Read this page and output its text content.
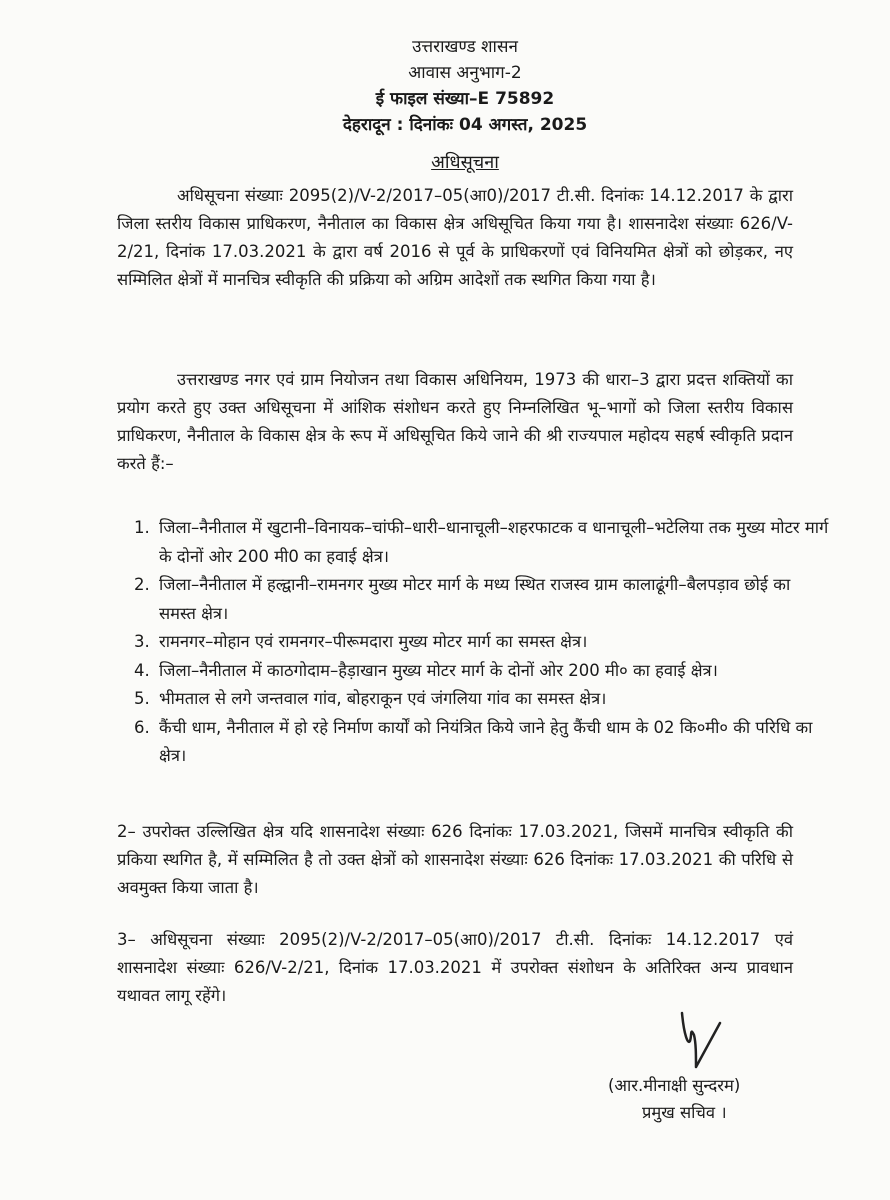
उत्तराखण्ड शासन
आवास अनुभाग-2
ई फाइल संख्या–E 75892
देहरादून : दिनांकः 04 अगस्त, 2025
अधिसूचना
अधिसूचना संख्याः 2095(2)/V-2/2017–05(आ0)/2017 टी.सी. दिनांकः 14.12.2017 के द्वारा जिला स्तरीय विकास प्राधिकरण, नैनीताल का विकास क्षेत्र अधिसूचित किया गया है। शासनादेश संख्याः 626/V-2/21, दिनांक 17.03.2021 के द्वारा वर्ष 2016 से पूर्व के प्राधिकरणों एवं विनियमित क्षेत्रों को छोड़कर, नए सम्मिलित क्षेत्रों में मानचित्र स्वीकृति की प्रक्रिया को अग्रिम आदेशों तक स्थगित किया गया है।
उत्तराखण्ड नगर एवं ग्राम नियोजन तथा विकास अधिनियम, 1973 की धारा–3 द्वारा प्रदत्त शक्तियों का प्रयोग करते हुए उक्त अधिसूचना में आंशिक संशोधन करते हुए निम्नलिखित भू–भागों को जिला स्तरीय विकास प्राधिकरण, नैनीताल के विकास क्षेत्र के रूप में अधिसूचित किये जाने की श्री राज्यपाल महोदय सहर्ष स्वीकृति प्रदान करते हैं:–
1. जिला–नैनीताल में खुटानी–विनायक–चांफी–धारी–धानाचूली–शहरफाटक व धानाचूली–भटेलिया तक मुख्य मोटर मार्ग के दोनों ओर 200 मी0 का हवाई क्षेत्र।
2. जिला–नैनीताल में हल्द्वानी–रामनगर मुख्य मोटर मार्ग के मध्य स्थित राजस्व ग्राम कालाढूंगी–बैलपड़ाव छोई का समस्त क्षेत्र।
3. रामनगर–मोहान एवं रामनगर–पीरूमदारा मुख्य मोटर मार्ग का समस्त क्षेत्र।
4. जिला–नैनीताल में काठगोदाम–हैड़ाखान मुख्य मोटर मार्ग के दोनों ओर 200 मी० का हवाई क्षेत्र।
5. भीमताल से लगे जन्तवाल गांव, बोहराकून एवं जंगलिया गांव का समस्त क्षेत्र।
6. कैंची धाम, नैनीताल में हो रहे निर्माण कार्यों को नियंत्रित किये जाने हेतु कैंची धाम के 02 कि०मी० की परिधि का क्षेत्र।
2– उपरोक्त उल्लिखित क्षेत्र यदि शासनादेश संख्याः 626 दिनांकः 17.03.2021, जिसमें मानचित्र स्वीकृति की प्रकिया स्थगित है, में सम्मिलित है तो उक्त क्षेत्रों को शासनादेश संख्याः 626 दिनांकः 17.03.2021 की परिधि से अवमुक्त किया जाता है।
3– अधिसूचना संख्याः 2095(2)/V-2/2017–05(आ0)/2017 टी.सी. दिनांकः 14.12.2017 एवं शासनादेश संख्याः 626/V-2/21, दिनांक 17.03.2021 में उपरोक्त संशोधन के अतिरिक्त अन्य प्रावधान यथावत लागू रहेंगे।
(आर.मीनाक्षी सुन्दरम)
प्रमुख सचिव ।
